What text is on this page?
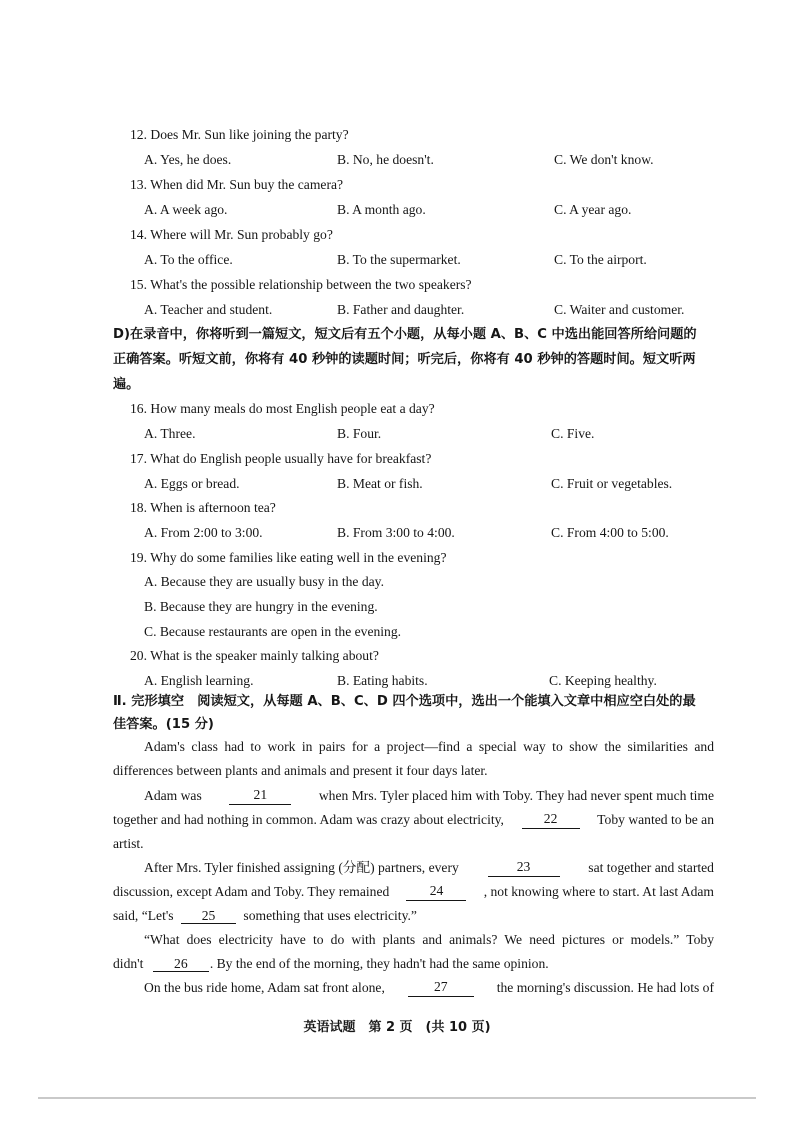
12. Does Mr. Sun like joining the party?
A. Yes, he does.	B. No, he doesn't.	C. We don't know.
13. When did Mr. Sun buy the camera?
A. A week ago.	B. A month ago.	C. A year ago.
14. Where will Mr. Sun probably go?
A. To the office.	B. To the supermarket.	C. To the airport.
15. What's the possible relationship between the two speakers?
A. Teacher and student.	B. Father and daughter.	C. Waiter and customer.
D)在录音中，你将听到一篇短文，短文后有五个小题，从每小题 A、B、C 中选出能回答所给问题的
正确答案。听短文前，你将有 40 秒钟的读题时间；听完后，你将有 40 秒钟的答题时间。短文听两
遍。
16. How many meals do most English people eat a day?
A. Three.	B. Four.	C. Five.
17. What do English people usually have for breakfast?
A. Eggs or bread.	B. Meat or fish.	C. Fruit or vegetables.
18. When is afternoon tea?
A. From 2:00 to 3:00.	B. From 3:00 to 4:00.	C. From 4:00 to 5:00.
19. Why do some families like eating well in the evening?
A. Because they are usually busy in the day.
B. Because they are hungry in the evening.
C. Because restaurants are open in the evening.
20. What is the speaker mainly talking about?
A. English learning.	B. Eating habits.	C. Keeping healthy.
Ⅱ. 完形填空　阅读短文，从每题 A、B、C、D 四个选项中，选出一个能填入文章中相应空白处的最
佳答案。(15 分)
Adam's class had to work in pairs for a project—find a special way to show the similarities and
differences between plants and animals and present it four days later.
Adam was	21	when Mrs. Tyler placed him with Toby. They had never spent much time
together and had nothing in common. Adam was crazy about electricity,	22	Toby wanted to be an
artist.
After Mrs. Tyler finished assigning (分配) partners, every	23	sat together and started
discussion, except Adam and Toby. They remained	24	, not knowing where to start. At last Adam
said, “Let's 25 something that uses electricity.”
“What does electricity have to do with plants and animals? We need pictures or models.” Toby
didn't 26 . By the end of the morning, they hadn't had the same opinion.
On the bus ride home, Adam sat front alone,	27	the morning's discussion. He had lots of
英语试题　第 2 页　(共 10 页)
